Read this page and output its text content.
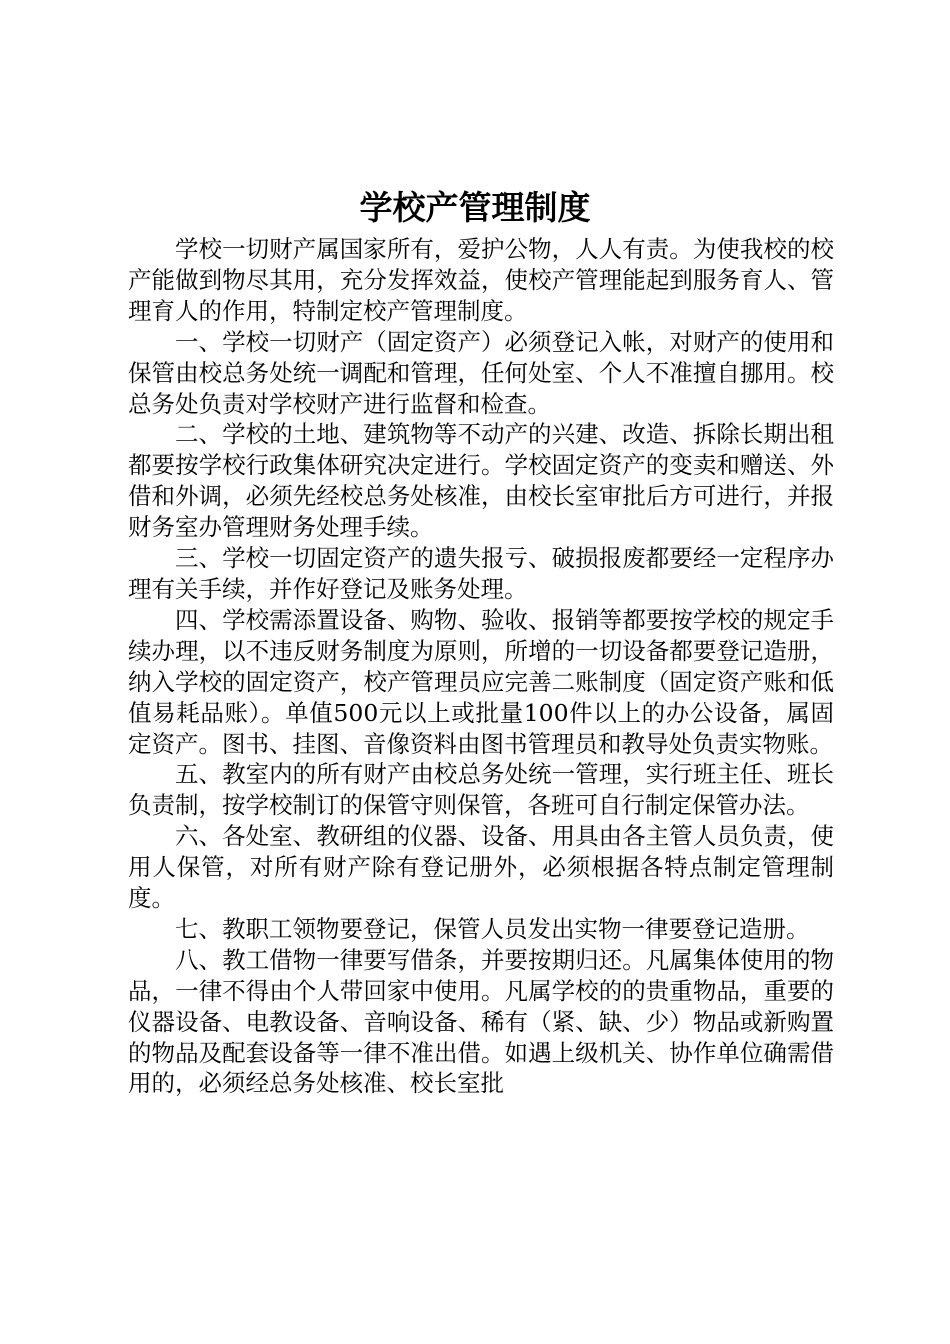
学校产管理制度

学校一切财产属国家所有，爱护公物，人人有责。为使我校的校产能做到物尽其用，充分发挥效益，使校产管理能起到服务育人、管理育人的作用，特制定校产管理制度。

一、学校一切财产（固定资产）必须登记入帐，对财产的使用和保管由校总务处统一调配和管理，任何处室、个人不准擅自挪用。校总务处负责对学校财产进行监督和检查。

二、学校的土地、建筑物等不动产的兴建、改造、拆除长期出租都要按学校行政集体研究决定进行。学校固定资产的变卖和赠送、外借和外调，必须先经校总务处核准，由校长室审批后方可进行，并报财务室办管理财务处理手续。

三、学校一切固定资产的遗失报亏、破损报废都要经一定程序办理有关手续，并作好登记及账务处理。

四、学校需添置设备、购物、验收、报销等都要按学校的规定手续办理，以不违反财务制度为原则，所增的一切设备都要登记造册，纳入学校的固定资产，校产管理员应完善二账制度（固定资产账和低值易耗品账）。单值500元以上或批量100件以上的办公设备，属固定资产。图书、挂图、音像资料由图书管理员和教导处负责实物账。

五、教室内的所有财产由校总务处统一管理，实行班主任、班长负责制，按学校制订的保管守则保管，各班可自行制定保管办法。

六、各处室、教研组的仪器、设备、用具由各主管人员负责，使用人保管，对所有财产除有登记册外，必须根据各特点制定管理制度。

七、教职工领物要登记，保管人员发出实物一律要登记造册。

八、教工借物一律要写借条，并要按期归还。凡属集体使用的物品，一律不得由个人带回家中使用。凡属学校的的贵重物品，重要的仪器设备、电教设备、音响设备、稀有（紧、缺、少）物品或新购置的物品及配套设备等一律不准出借。如遇上级机关、协作单位确需借用的，必须经总务处核准、校长室批
